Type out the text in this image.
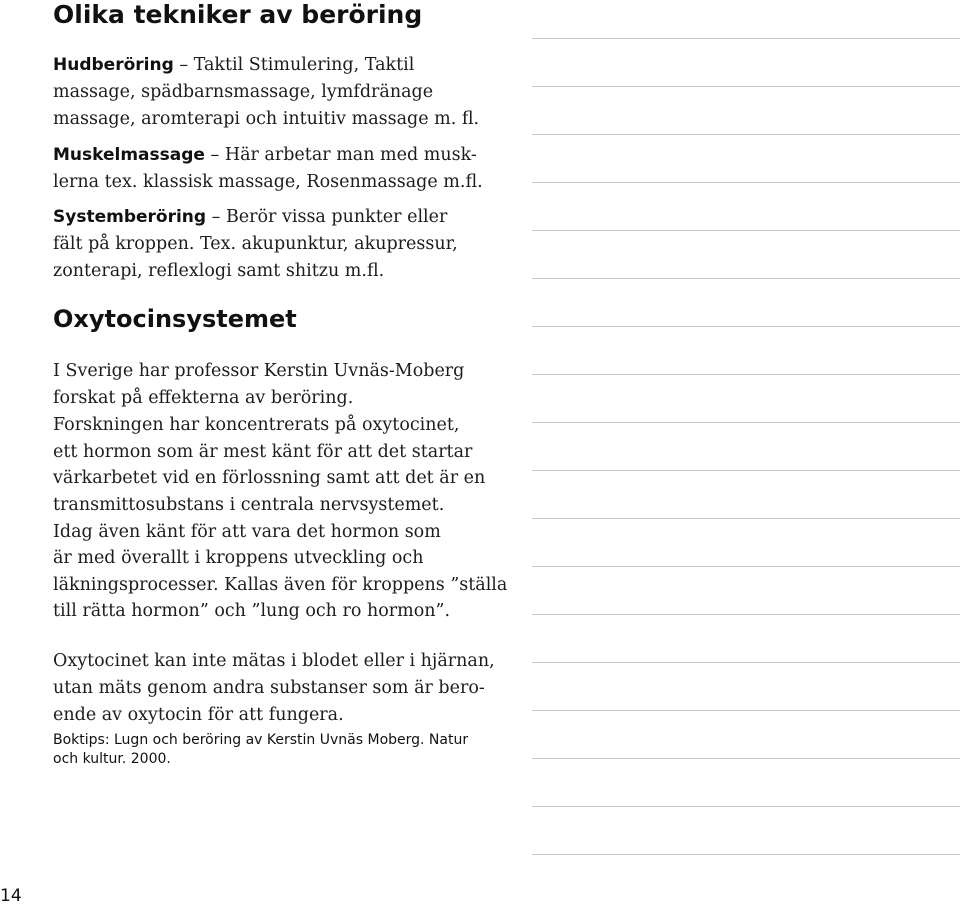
Olika tekniker av beröring
Hudberöring – Taktil Stimulering, Taktil
massage, spädbarnsmassage, lymfdränage
massage, aromterapi och intuitiv massage m. fl.
Muskelmassage – Här arbetar man med musk-
lerna tex. klassisk massage, Rosenmassage m.fl.
Systemberöring – Berör vissa punkter eller
fält på kroppen. Tex. akupunktur, akupressur,
zonterapi, reflexlogi samt shitzu m.fl.
Oxytocinsystemet
I Sverige har professor Kerstin Uvnäs-Moberg
forskat på effekterna av beröring.
Forskningen har koncentrerats på oxytocinet,
ett hormon som är mest känt för att det startar
värkarbetet vid en förlossning samt att det är en
transmittosubstans i centrala nervsystemet.
Idag även känt för att vara det hormon som
är med överallt i kroppens utveckling och
läkningsprocesser. Kallas även för kroppens ”ställa
till rätta hormon” och ”lung och ro hormon”.
Oxytocinet kan inte mätas i blodet eller i hjärnan,
utan mäts genom andra substanser som är bero-
ende av oxytocin för att fungera.
Boktips: Lugn och beröring av Kerstin Uvnäs Moberg. Natur
och kultur. 2000.
14
